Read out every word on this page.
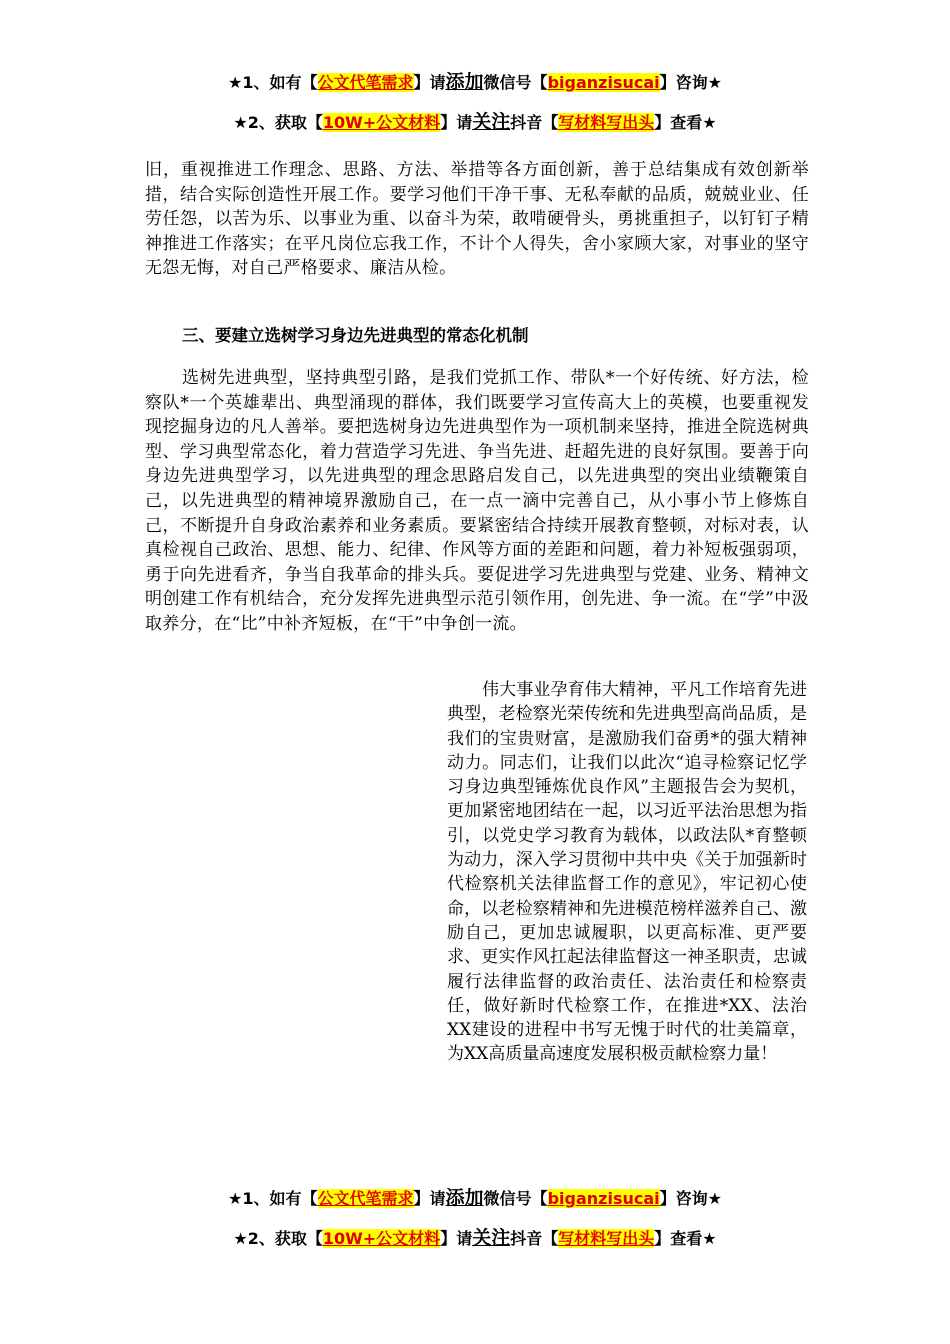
★1、如有【公文代笔需求】请添加微信号【biganzisucai】咨询★
★2、获取【10W+公文材料】请关注抖音【写材料写出头】查看★

旧，重视推进工作理念、思路、方法、举措等各方面创新，善于总结集成有效创新举措，结合实际创造性开展工作。要学习他们干净干事、无私奉献的品质，兢兢业业、任劳任怨，以苦为乐、以事业为重、以奋斗为荣，敢啃硬骨头，勇挑重担子，以钉钉子精神推进工作落实；在平凡岗位忘我工作，不计个人得失，舍小家顾大家，对事业的坚守无怨无悔，对自己严格要求、廉洁从检。

三、要建立选树学习身边先进典型的常态化机制

选树先进典型，坚持典型引路，是我们党抓工作、带队*一个好传统、好方法，检察队*一个英雄辈出、典型涌现的群体，我们既要学习宣传高大上的英模，也要重视发现挖掘身边的凡人善举。要把选树身边先进典型作为一项机制来坚持，推进全院选树典型、学习典型常态化，着力营造学习先进、争当先进、赶超先进的良好氛围。要善于向身边先进典型学习，以先进典型的理念思路启发自己，以先进典型的突出业绩鞭策自己，以先进典型的精神境界激励自己，在一点一滴中完善自己，从小事小节上修炼自己，不断提升自身政治素养和业务素质。要紧密结合持续开展教育整顿，对标对表，认真检视自己政治、思想、能力、纪律、作风等方面的差距和问题，着力补短板强弱项，勇于向先进看齐，争当自我革命的排头兵。要促进学习先进典型与党建、业务、精神文明创建工作有机结合，充分发挥先进典型示范引领作用，创先进、争一流。在“学”中汲取养分，在“比”中补齐短板，在“干”中争创一流。

伟大事业孕育伟大精神，平凡工作培育先进典型，老检察光荣传统和先进典型高尚品质，是我们的宝贵财富，是激励我们奋勇*的强大精神动力。同志们，让我们以此次“追寻检察记忆学习身边典型锤炼优良作风”主题报告会为契机，更加紧密地团结在一起，以习近平法治思想为指引，以党史学习教育为载体，以政法队*育整顿为动力，深入学习贯彻中共中央《关于加强新时代检察机关法律监督工作的意见》，牢记初心使命，以老检察精神和先进模范榜样滋养自己、激励自己，更加忠诚履职，以更高标准、更严要求、更实作风扛起法律监督这一神圣职责，忠诚履行法律监督的政治责任、法治责任和检察责任，做好新时代检察工作，在推进*XX、法治XX建设的进程中书写无愧于时代的壮美篇章，为XX高质量高速度发展积极贡献检察力量！

★1、如有【公文代笔需求】请添加微信号【biganzisucai】咨询★
★2、获取【10W+公文材料】请关注抖音【写材料写出头】查看★
